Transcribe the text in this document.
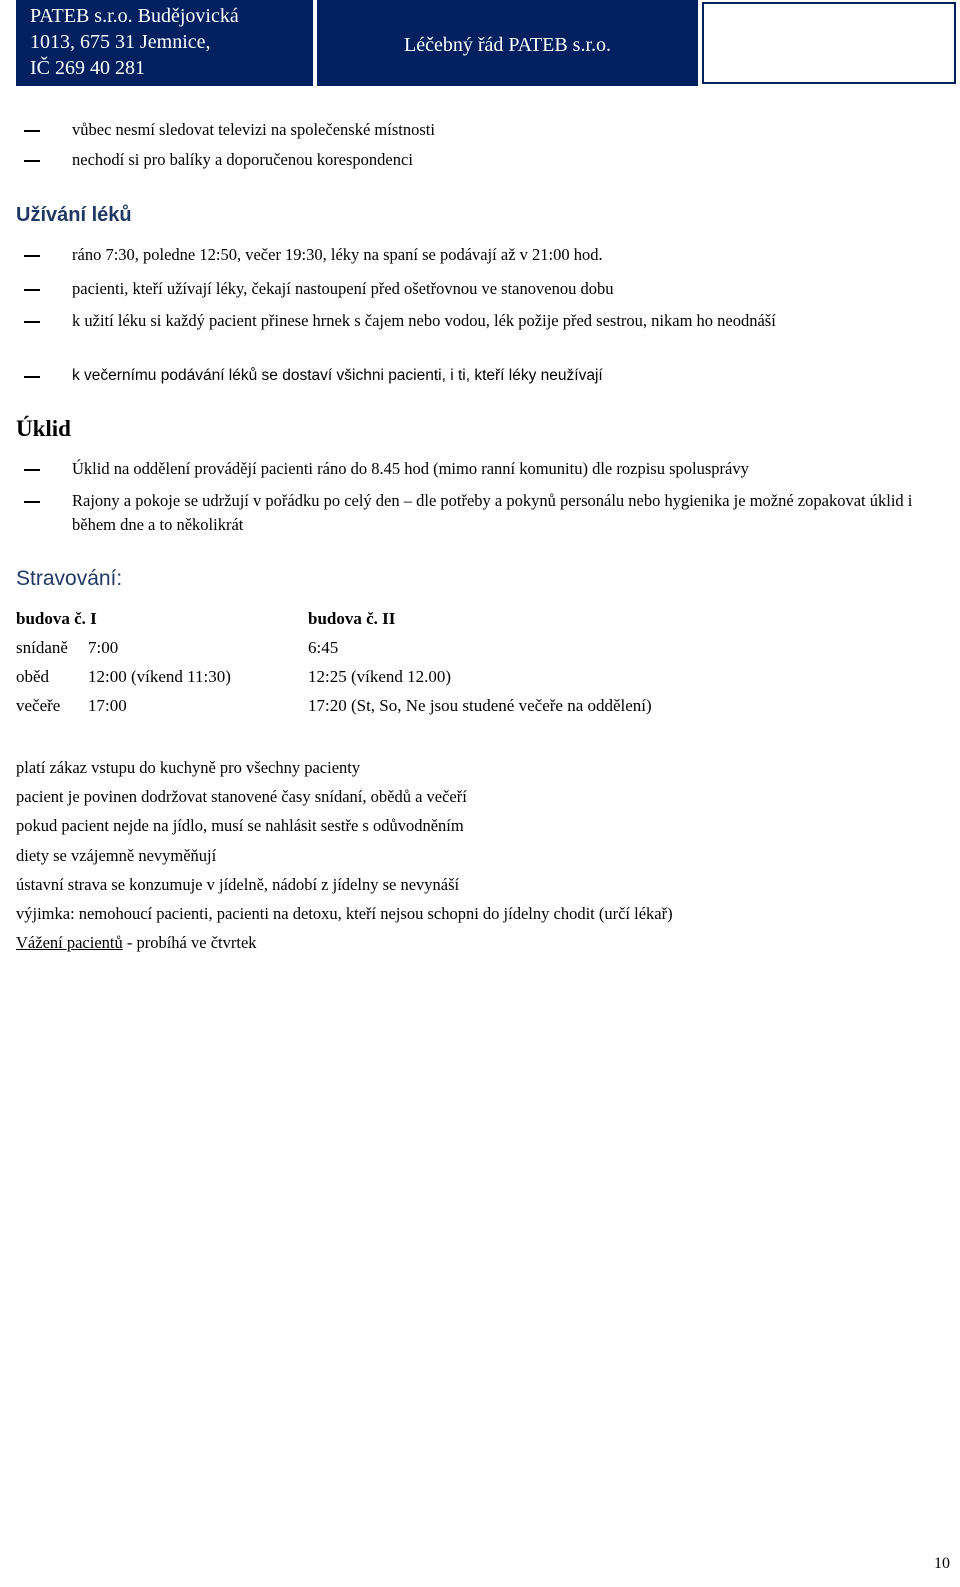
PATEB s.r.o. Budějovická
1013, 675 31 Jemnice,
IČ 269 40 281
Léčebný řád PATEB s.r.o.
vůbec nesmí sledovat televizi na společenské místnosti
nechodí si pro balíky a doporučenou korespondenci
Užívání léků
ráno 7:30, poledne 12:50, večer 19:30, léky na spaní se podávají až v 21:00 hod.
pacienti, kteří užívají léky, čekají nastoupení před ošetřovnou ve stanovenou dobu
k užití léku si každý pacient přinese hrnek s čajem nebo vodou, lék požije před sestrou, nikam ho neodnáší
k večernímu podávání léků se dostaví všichni pacienti, i ti, kteří léky neužívají
Úklid
Úklid na oddělení provádějí pacienti ráno do 8.45 hod (mimo ranní komunitu) dle rozpisu spolusprávy
Rajony a pokoje se udržují v pořádku po celý den – dle potřeby a pokynů personálu nebo hygienika je možné zopakovat úklid i během dne a to několikrát
Stravování:
budova č. I	budova č. II
snídaně 7:00	6:45
oběd 12:00 (víkend 11:30)	12:25 (víkend 12.00)
večeře 17:00	17:20 (St, So, Ne jsou studené večeře na oddělení)
platí zákaz vstupu do kuchyně pro všechny pacienty
pacient je povinen dodržovat stanovené časy snídaní, obědů a večeří
pokud pacient nejde na jídlo, musí se nahlásit sestře s odůvodněním
diety se vzájemně nevyměňují
ústavní strava se konzumuje v jídelně, nádobí z jídelny se nevynáší
výjimka: nemohoucí pacienti, pacienti na detoxu, kteří nejsou schopni do jídelny chodit (určí lékař)
Vážení pacientů - probíhá ve čtvrtek
10
